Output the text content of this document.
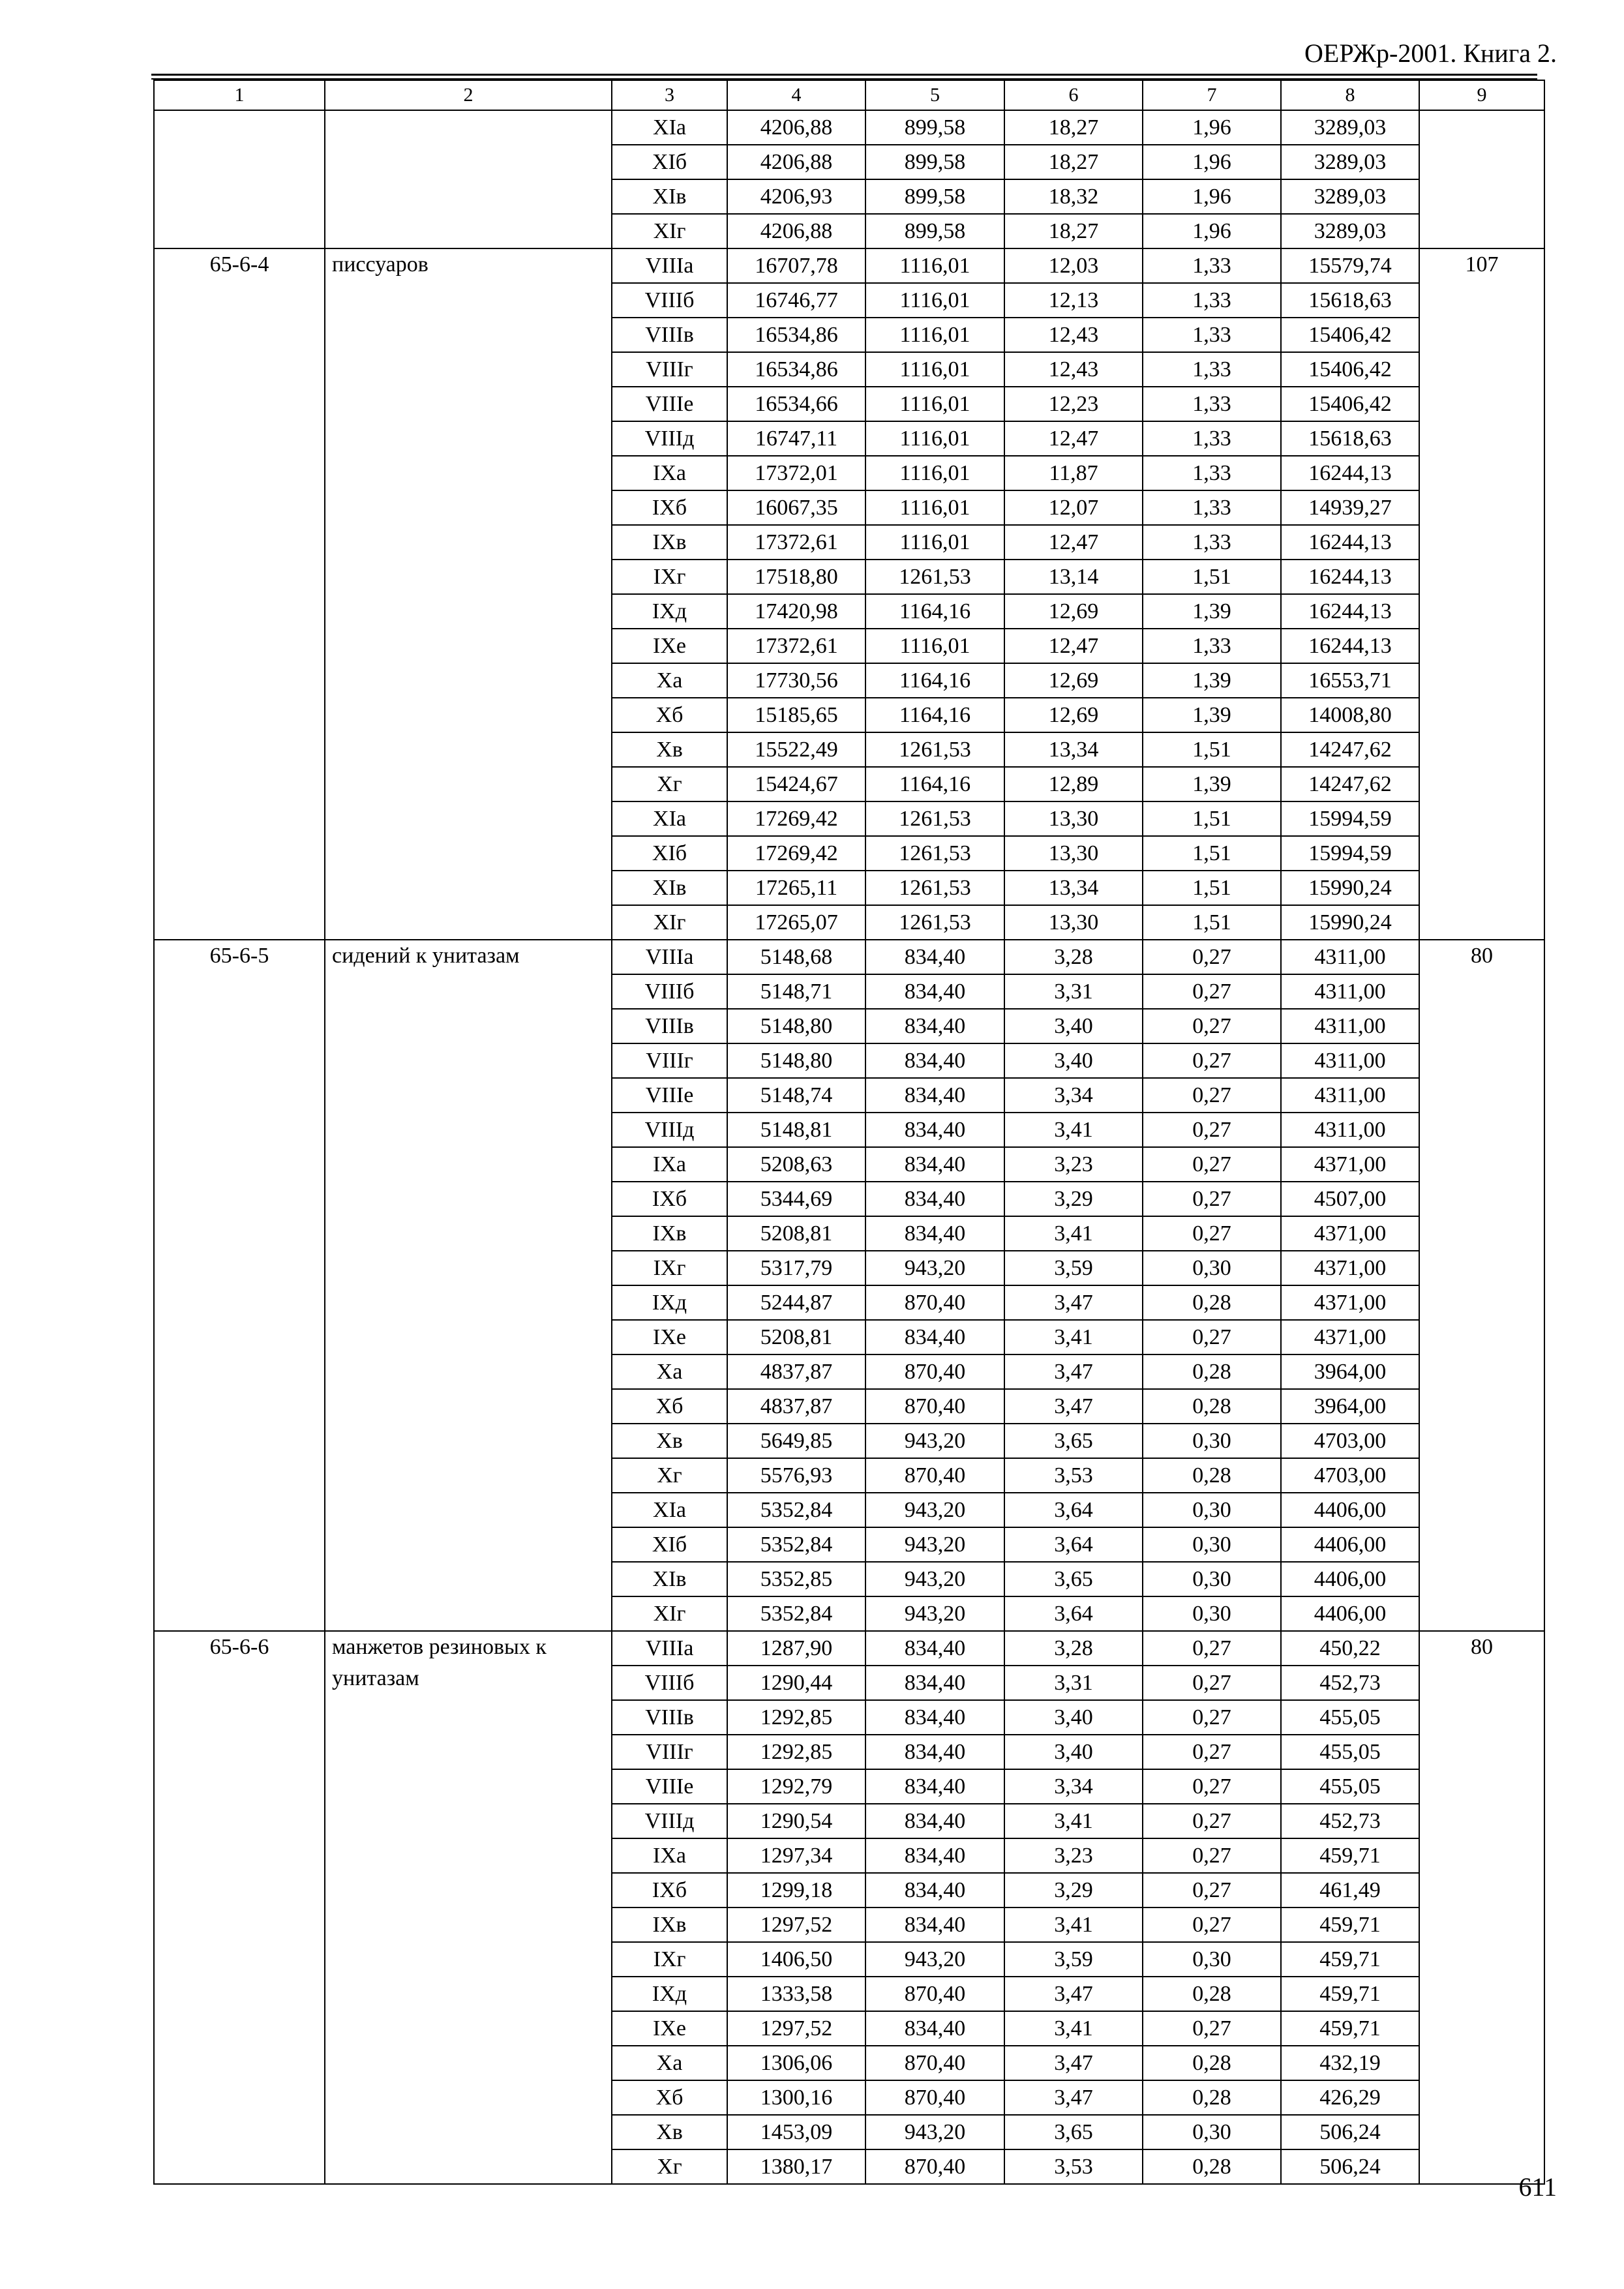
ОЕРЖр-2001. Книга 2.
1	2	3	4	5	6	7	8	9
		XIа	4206,88	899,58	18,27	1,96	3289,03	
		XIб	4206,88	899,58	18,27	1,96	3289,03	
		XIв	4206,93	899,58	18,32	1,96	3289,03	
		XIг	4206,88	899,58	18,27	1,96	3289,03	
65-6-4	писсуаров	VIIIа	16707,78	1116,01	12,03	1,33	15579,74	107
		VIIIб	16746,77	1116,01	12,13	1,33	15618,63	
		VIIIв	16534,86	1116,01	12,43	1,33	15406,42	
		VIIIг	16534,86	1116,01	12,43	1,33	15406,42	
		VIIIе	16534,66	1116,01	12,23	1,33	15406,42	
		VIIIд	16747,11	1116,01	12,47	1,33	15618,63	
		IXа	17372,01	1116,01	11,87	1,33	16244,13	
		IXб	16067,35	1116,01	12,07	1,33	14939,27	
		IXв	17372,61	1116,01	12,47	1,33	16244,13	
		IXг	17518,80	1261,53	13,14	1,51	16244,13	
		IXд	17420,98	1164,16	12,69	1,39	16244,13	
		IXе	17372,61	1116,01	12,47	1,33	16244,13	
		Xа	17730,56	1164,16	12,69	1,39	16553,71	
		Xб	15185,65	1164,16	12,69	1,39	14008,80	
		Xв	15522,49	1261,53	13,34	1,51	14247,62	
		Xг	15424,67	1164,16	12,89	1,39	14247,62	
		XIа	17269,42	1261,53	13,30	1,51	15994,59	
		XIб	17269,42	1261,53	13,30	1,51	15994,59	
		XIв	17265,11	1261,53	13,34	1,51	15990,24	
		XIг	17265,07	1261,53	13,30	1,51	15990,24	
65-6-5	сидений к унитазам	VIIIа	5148,68	834,40	3,28	0,27	4311,00	80
		VIIIб	5148,71	834,40	3,31	0,27	4311,00	
		VIIIв	5148,80	834,40	3,40	0,27	4311,00	
		VIIIг	5148,80	834,40	3,40	0,27	4311,00	
		VIIIе	5148,74	834,40	3,34	0,27	4311,00	
		VIIIд	5148,81	834,40	3,41	0,27	4311,00	
		IXа	5208,63	834,40	3,23	0,27	4371,00	
		IXб	5344,69	834,40	3,29	0,27	4507,00	
		IXв	5208,81	834,40	3,41	0,27	4371,00	
		IXг	5317,79	943,20	3,59	0,30	4371,00	
		IXд	5244,87	870,40	3,47	0,28	4371,00	
		IXе	5208,81	834,40	3,41	0,27	4371,00	
		Xа	4837,87	870,40	3,47	0,28	3964,00	
		Xб	4837,87	870,40	3,47	0,28	3964,00	
		Xв	5649,85	943,20	3,65	0,30	4703,00	
		Xг	5576,93	870,40	3,53	0,28	4703,00	
		XIа	5352,84	943,20	3,64	0,30	4406,00	
		XIб	5352,84	943,20	3,64	0,30	4406,00	
		XIв	5352,85	943,20	3,65	0,30	4406,00	
		XIг	5352,84	943,20	3,64	0,30	4406,00	
65-6-6	манжетов резиновых к унитазам	VIIIа	1287,90	834,40	3,28	0,27	450,22	80
		VIIIб	1290,44	834,40	3,31	0,27	452,73	
		VIIIв	1292,85	834,40	3,40	0,27	455,05	
		VIIIг	1292,85	834,40	3,40	0,27	455,05	
		VIIIе	1292,79	834,40	3,34	0,27	455,05	
		VIIIд	1290,54	834,40	3,41	0,27	452,73	
		IXа	1297,34	834,40	3,23	0,27	459,71	
		IXб	1299,18	834,40	3,29	0,27	461,49	
		IXв	1297,52	834,40	3,41	0,27	459,71	
		IXг	1406,50	943,20	3,59	0,30	459,71	
		IXд	1333,58	870,40	3,47	0,28	459,71	
		IXе	1297,52	834,40	3,41	0,27	459,71	
		Xа	1306,06	870,40	3,47	0,28	432,19	
		Xб	1300,16	870,40	3,47	0,28	426,29	
		Xв	1453,09	943,20	3,65	0,30	506,24	
		Xг	1380,17	870,40	3,53	0,28	506,24	
611
